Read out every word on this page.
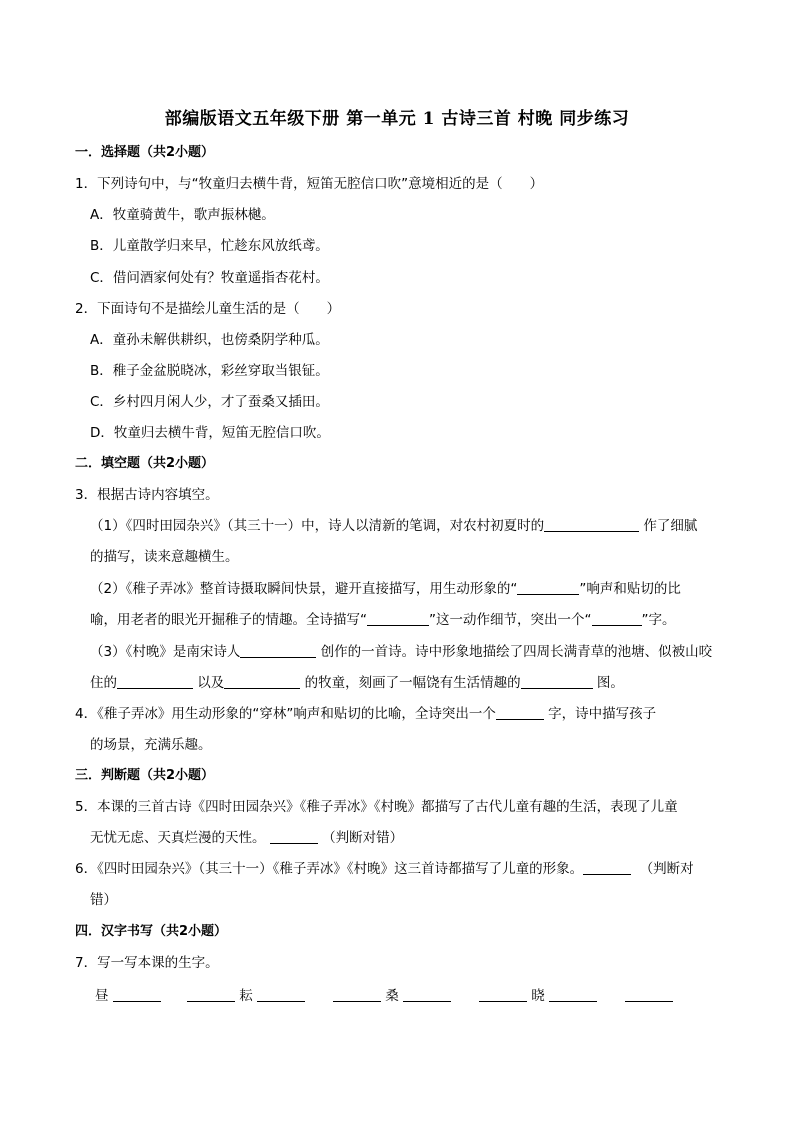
部编版语文五年级下册 第一单元 1 古诗三首 村晚 同步练习
一．选择题（共2小题）
1．下列诗句中，与“牧童归去横牛背，短笛无腔信口吹”意境相近的是（　　）
A．牧童骑黄牛，歌声振林樾。
B．儿童散学归来早，忙趁东风放纸鸢。
C．借问酒家何处有？牧童遥指杏花村。
2．下面诗句不是描绘儿童生活的是（　　）
A．童孙未解供耕织，也傍桑阴学种瓜。
B．稚子金盆脱晓冰，彩丝穿取当银钲。
C．乡村四月闲人少，才了蚕桑又插田。
D．牧童归去横牛背，短笛无腔信口吹。
二．填空题（共2小题）
3．根据古诗内容填空。
（1）《四时田园杂兴》（其三十一）中，诗人以清新的笔调，对农村初夏时的	作了细腻
的描写，读来意趣横生。
（2）《稚子弄冰》整首诗摄取瞬间快景，避开直接描写，用生动形象的“	”响声和贴切的比
喻，用老者的眼光开掘稚子的情趣。全诗描写“	”这一动作细节，突出一个“	”字。
（3）《村晚》是南宋诗人	创作的一首诗。诗中形象地描绘了四周长满青草的池塘、似被山咬
住的	以及	的牧童，刻画了一幅饶有生活情趣的	图。
4．《稚子弄冰》用生动形象的“穿林”响声和贴切的比喻，全诗突出一个	字，诗中描写孩子
的场景，充满乐趣。
三．判断题（共2小题）
5．本课的三首古诗《四时田园杂兴》《稚子弄冰》《村晚》都描写了古代儿童有趣的生活，表现了儿童
无忧无虑、天真烂漫的天性。	（判断对错）
6．《四时田园杂兴》（其三十一）《稚子弄冰》《村晚》这三首诗都描写了儿童的形象。	（判断对
错）
四．汉字书写（共2小题）
7．写一写本课的生字。
昼	耘	桑	晓
